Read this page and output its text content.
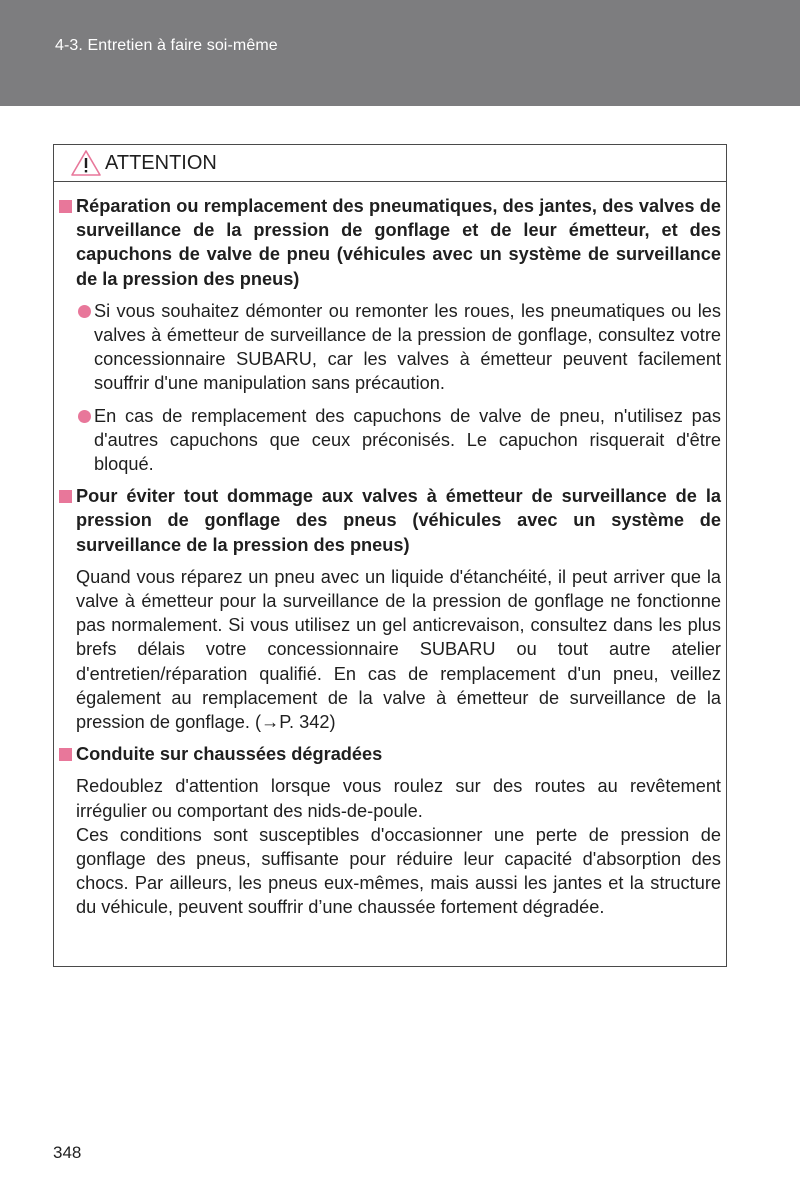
4-3. Entretien à faire soi-même
ATTENTION

Réparation ou remplacement des pneumatiques, des jantes, des valves de surveillance de la pression de gonflage et de leur émetteur, et des capuchons de valve de pneu (véhicules avec un système de surveillance de la pression des pneus)

Si vous souhaitez démonter ou remonter les roues, les pneumatiques ou les valves à émetteur de surveillance de la pression de gonflage, consultez votre concessionnaire SUBARU, car les valves à émetteur peuvent facilement souffrir d'une manipulation sans précaution.

En cas de remplacement des capuchons de valve de pneu, n'utilisez pas d'autres capuchons que ceux préconisés. Le capuchon risquerait d'être bloqué.

Pour éviter tout dommage aux valves à émetteur de surveillance de la pression de gonflage des pneus (véhicules avec un système de surveillance de la pression des pneus)

Quand vous réparez un pneu avec un liquide d'étanchéité, il peut arriver que la valve à émetteur pour la surveillance de la pression de gonflage ne fonctionne pas normalement. Si vous utilisez un gel anticrevaison, consultez dans les plus brefs délais votre concessionnaire SUBARU ou tout autre atelier d'entretien/réparation qualifié. En cas de remplacement d'un pneu, veillez également au remplacement de la valve à émetteur de surveillance de la pression de gonflage. (→P. 342)

Conduite sur chaussées dégradées

Redoublez d'attention lorsque vous roulez sur des routes au revêtement irrégulier ou comportant des nids-de-poule.

Ces conditions sont susceptibles d'occasionner une perte de pression de gonflage des pneus, suffisante pour réduire leur capacité d'absorption des chocs. Par ailleurs, les pneus eux-mêmes, mais aussi les jantes et la structure du véhicule, peuvent souffrir d’une chaussée fortement dégradée.

348
